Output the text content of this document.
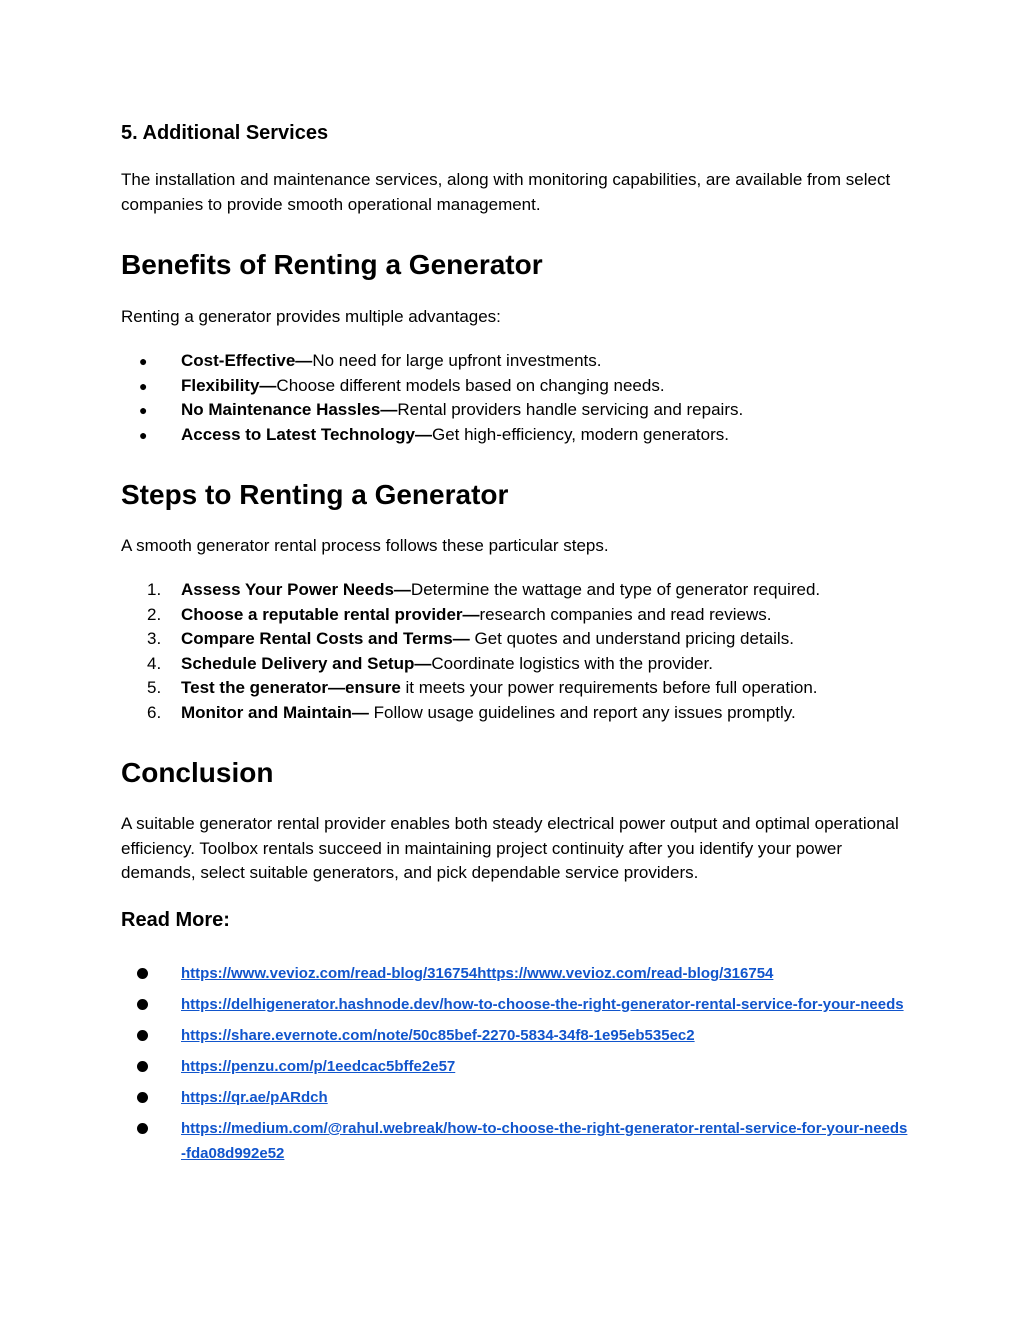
5. Additional Services

The installation and maintenance services, along with monitoring capabilities, are available from select companies to provide smooth operational management.

Benefits of Renting a Generator

Renting a generator provides multiple advantages:

● Cost-Effective—No need for large upfront investments.
● Flexibility—Choose different models based on changing needs.
● No Maintenance Hassles—Rental providers handle servicing and repairs.
● Access to Latest Technology—Get high-efficiency, modern generators.
Steps to Renting a Generator

A smooth generator rental process follows these particular steps.

1.	Assess Your Power Needs—Determine the wattage and type of generator required.
2.	Choose a reputable rental provider—research companies and read reviews.
3.	Compare Rental Costs and Terms— Get quotes and understand pricing details.
4.	Schedule Delivery and Setup—Coordinate logistics with the provider.
5.	Test the generator—ensure it meets your power requirements before full operation.
6.	Monitor and Maintain— Follow usage guidelines and report any issues promptly.
Conclusion

A suitable generator rental provider enables both steady electrical power output and optimal operational efficiency. Toolbox rentals succeed in maintaining project continuity after you identify your power demands, select suitable generators, and pick dependable service providers.

Read More:
https://www.vevioz.com/read-blog/316754https://www.vevioz.com/read-blog/316754
https://delhigenerator.hashnode.dev/how-to-choose-the-right-generator-rental-service-for-your-needs
https://share.evernote.com/note/50c85bef-2270-5834-34f8-1e95eb535ec2
https://penzu.com/p/1eedcac5bffe2e57
https://qr.ae/pARdch
https://medium.com/@rahul.webreak/how-to-choose-the-right-generator-rental-service-for-your-needs-fda08d992e52
